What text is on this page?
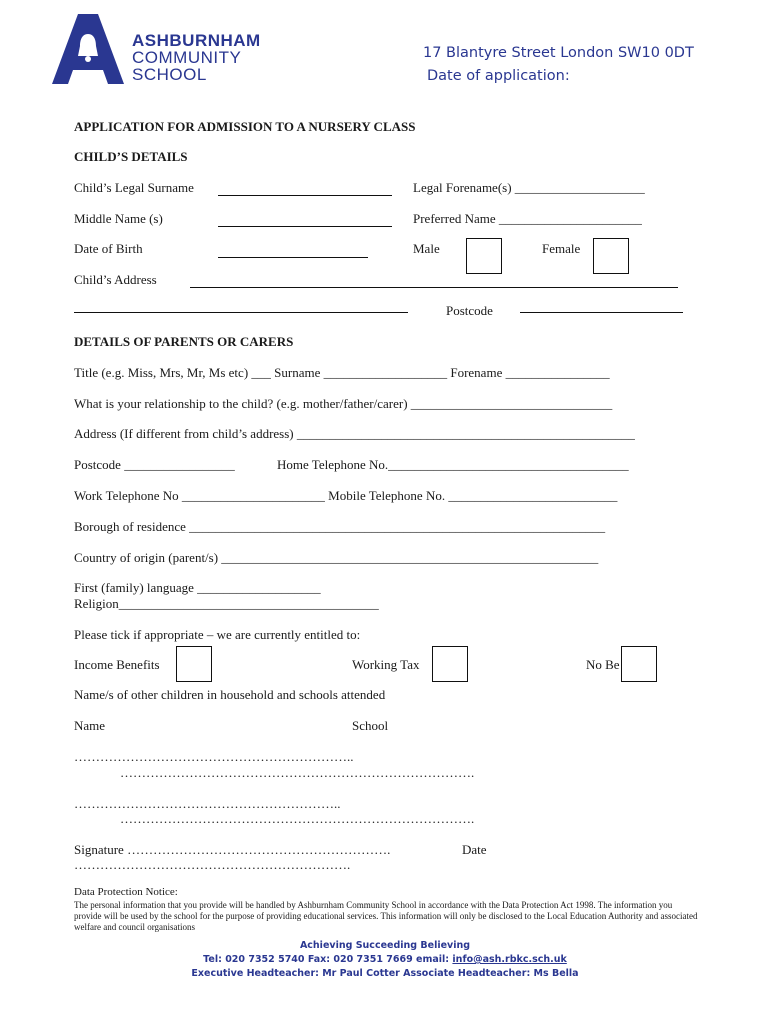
ASHBURNHAM
COMMUNITY
SCHOOL
17 Blantyre Street London SW10 0DT
Date of application:
APPLICATION FOR ADMISSION TO A NURSERY CLASS
CHILD’S DETAILS
Child’s Legal Surname	Legal Forename(s) ____________________
Middle Name (s)	Preferred Name ______________________
Date of Birth	Male	Female
Child’s Address
Postcode
DETAILS OF PARENTS OR CARERS
Title (e.g. Miss, Mrs, Mr, Ms etc) ___ Surname ___________________ Forename ________________
What is your relationship to the child? (e.g. mother/father/carer) _______________________________
Address (If different from child’s address) ____________________________________________________
Postcode _________________	Home Telephone No._____________________________________
Work Telephone No ______________________ Mobile Telephone No. __________________________
Borough of residence ________________________________________________________________
Country of origin (parent/s) __________________________________________________________
First (family) language ___________________
Religion________________________________________
Please tick if appropriate – we are currently entitled to:
Income Benefits	Working Tax	No Be
Name/s of other children in household and schools attended
Name	School
………………………………………………………..
……………………………………………………………………….
……………………………………………………..
……………………………………………………………………….
Signature …………………………………………………….	Date
……………………………………………………….
Data Protection Notice:
The personal information that you provide will be handled by Ashburnham Community School in accordance with the Data Protection Act 1998. The information you provide will be used by the school for the purpose of providing educational services. This information will only be disclosed to the Local Education Authority and associated welfare and council organisations
Achieving Succeeding Believing
Tel: 020 7352 5740 Fax: 020 7351 7669 email: info@ash.rbkc.sch.uk
Executive Headteacher: Mr Paul Cotter Associate Headteacher: Ms Bella
